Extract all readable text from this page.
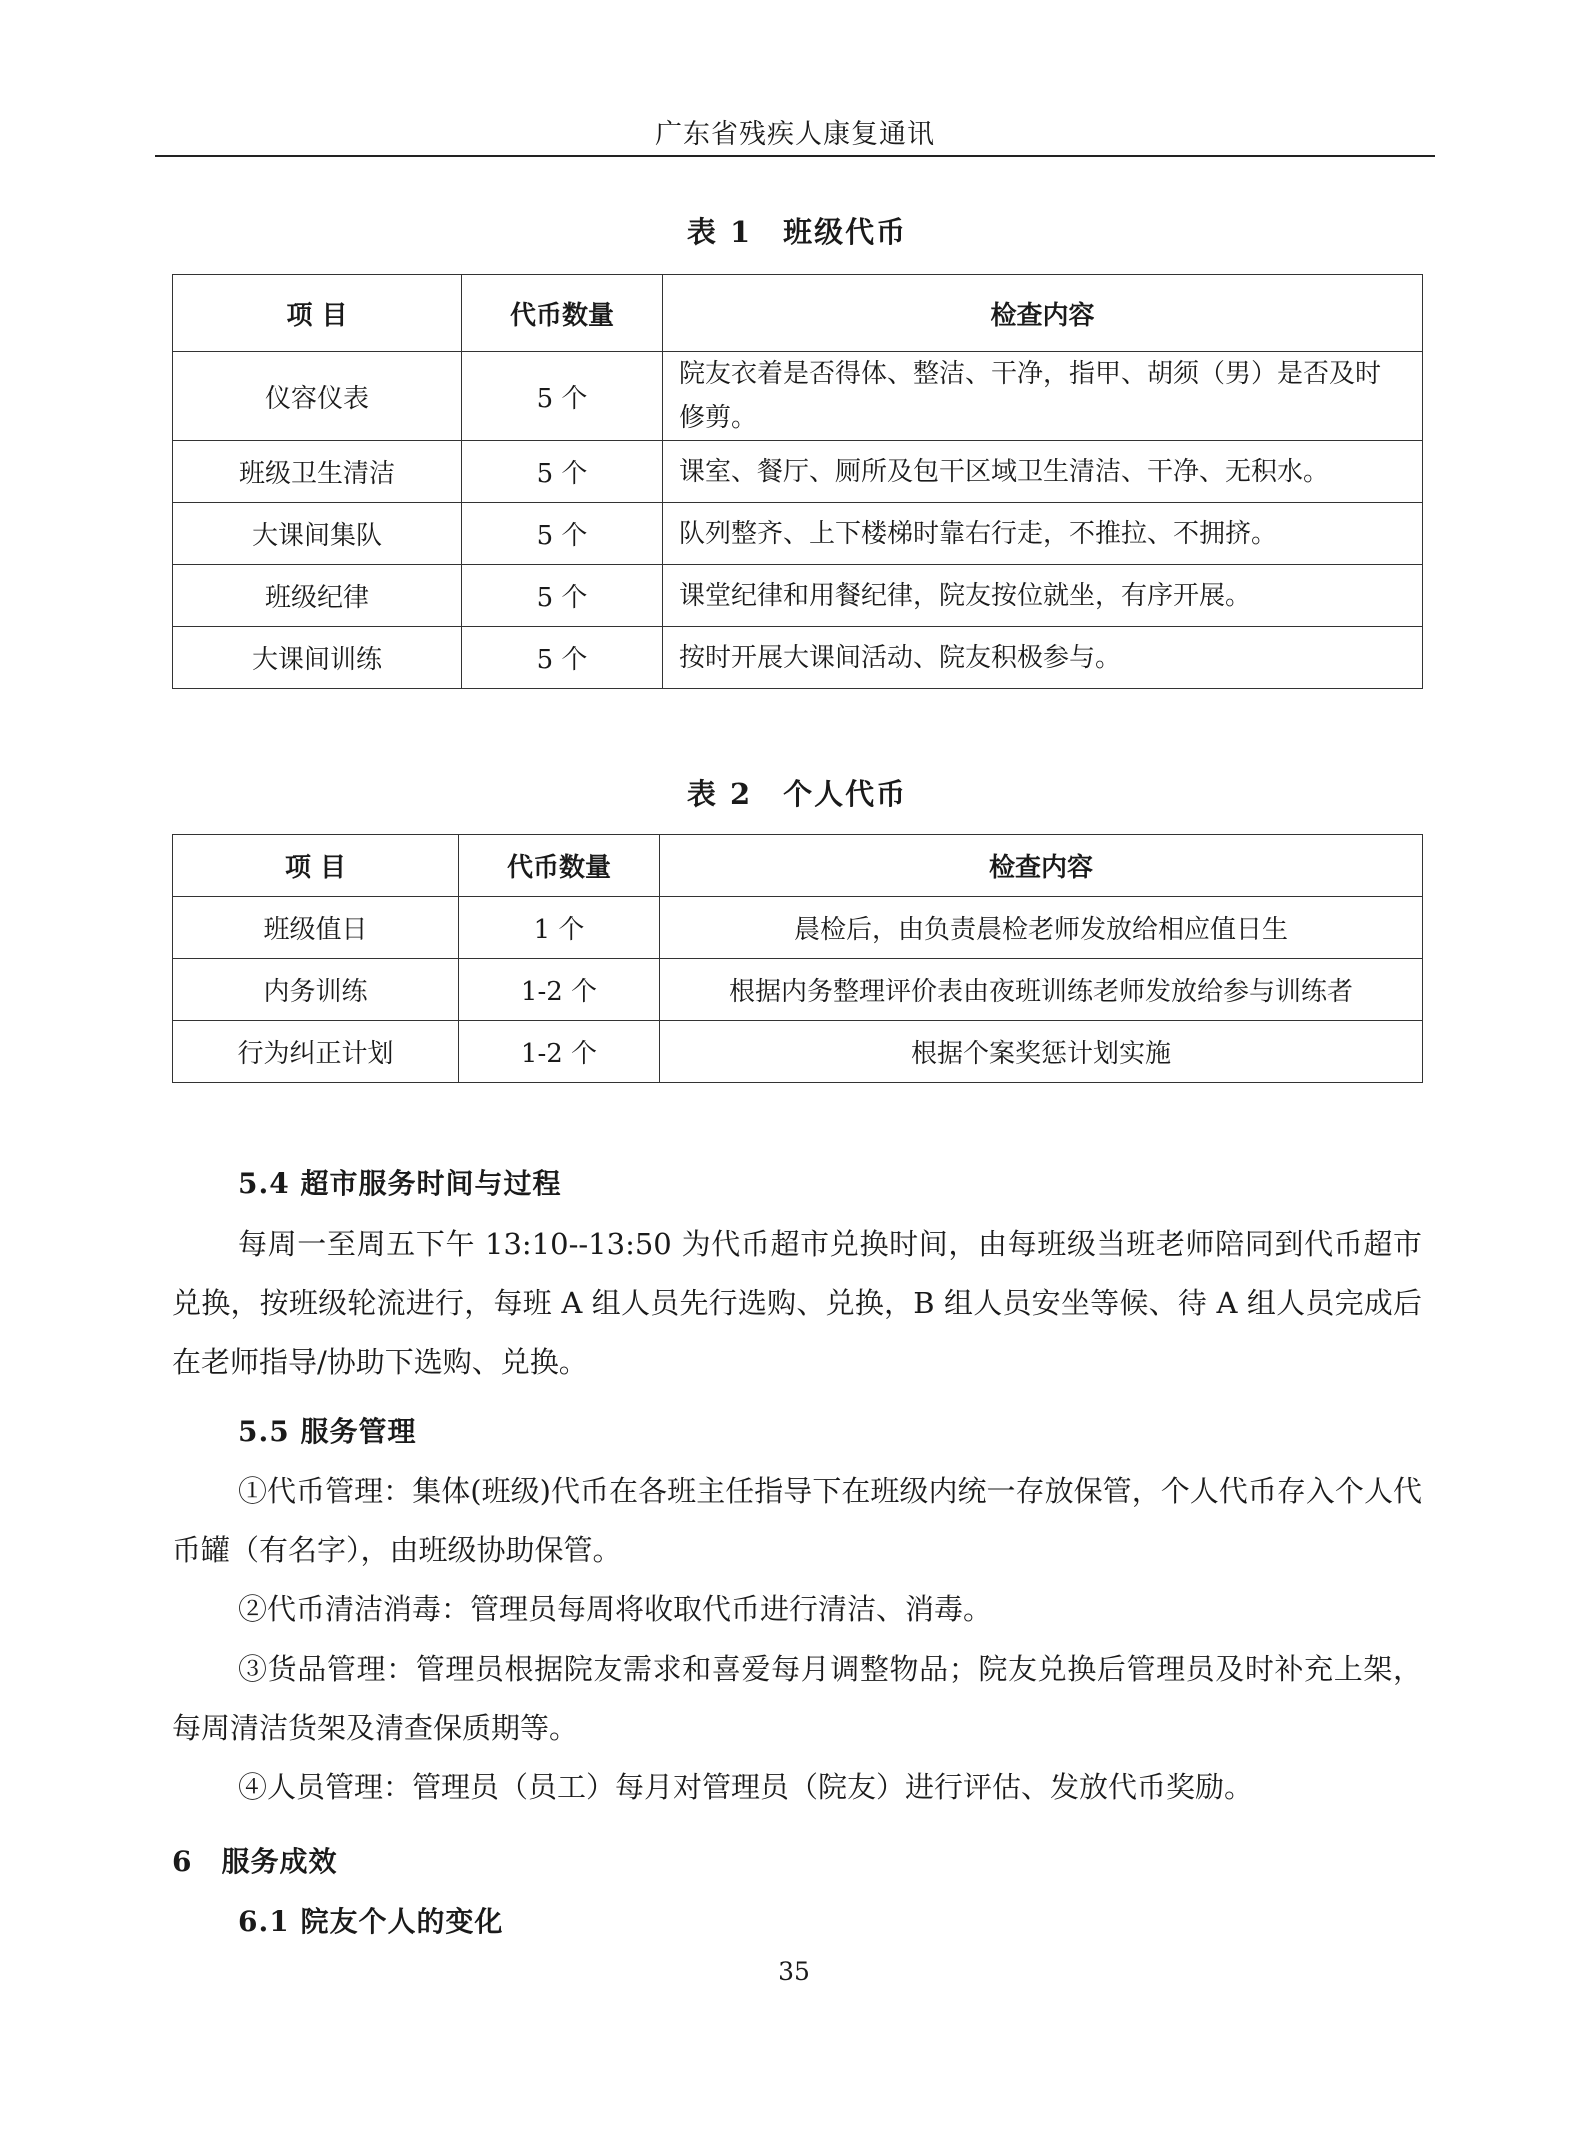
广东省残疾人康复通讯
表 1　班级代币
项 目	代币数量	检查内容
仪容仪表	5 个	院友衣着是否得体、整洁、干净，指甲、胡须（男）是否及时修剪。
班级卫生清洁	5 个	课室、餐厅、厕所及包干区域卫生清洁、干净、无积水。
大课间集队	5 个	队列整齐、上下楼梯时靠右行走，不推拉、不拥挤。
班级纪律	5 个	课堂纪律和用餐纪律，院友按位就坐，有序开展。
大课间训练	5 个	按时开展大课间活动、院友积极参与。
表 2　个人代币
项 目	代币数量	检查内容
班级值日	1 个	晨检后，由负责晨检老师发放给相应值日生
内务训练	1-2 个	根据内务整理评价表由夜班训练老师发放给参与训练者
行为纠正计划	1-2 个	根据个案奖惩计划实施
5.4 超市服务时间与过程
每周一至周五下午 13:10--13:50 为代币超市兑换时间，由每班级当班老师陪同到代币超市兑换，按班级轮流进行，每班 A 组人员先行选购、兑换，B 组人员安坐等候、待 A 组人员完成后在老师指导/协助下选购、兑换。
5.5 服务管理
①代币管理：集体(班级)代币在各班主任指导下在班级内统一存放保管，个人代币存入个人代币罐（有名字），由班级协助保管。
②代币清洁消毒：管理员每周将收取代币进行清洁、消毒。
③货品管理：管理员根据院友需求和喜爱每月调整物品；院友兑换后管理员及时补充上架，每周清洁货架及清查保质期等。
④人员管理：管理员（员工）每月对管理员（院友）进行评估、发放代币奖励。
6　服务成效
6.1 院友个人的变化
35
